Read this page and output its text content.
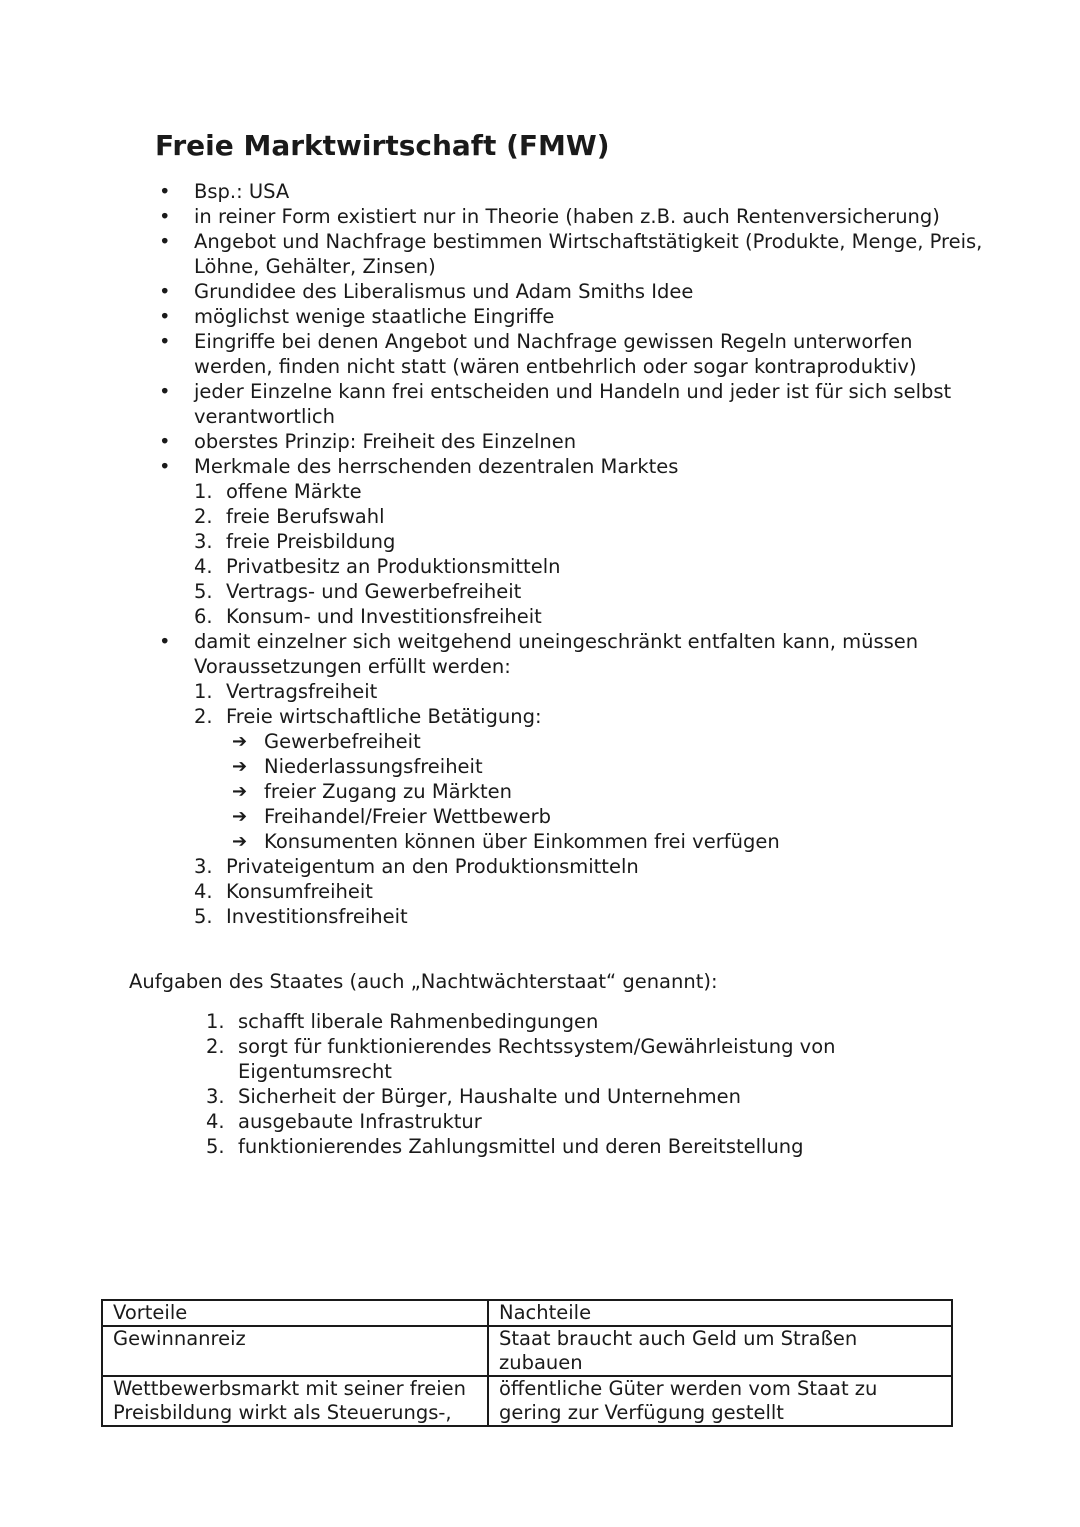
Freie Marktwirtschaft (FMW)
•	Bsp.: USA
•	in reiner Form existiert nur in Theorie (haben z.B. auch Rentenversicherung)
•	Angebot und Nachfrage bestimmen Wirtschaftstätigkeit (Produkte, Menge, Preis, Löhne, Gehälter, Zinsen)
•	Grundidee des Liberalismus und Adam Smiths Idee
•	möglichst wenige staatliche Eingriffe
•	Eingriffe bei denen Angebot und Nachfrage gewissen Regeln unterworfen werden, finden nicht statt (wären entbehrlich oder sogar kontraproduktiv)
•	jeder Einzelne kann frei entscheiden und Handeln und jeder ist für sich selbst verantwortlich
•	oberstes Prinzip: Freiheit des Einzelnen
•	Merkmale des herrschenden dezentralen Marktes
1. offene Märkte
2. freie Berufswahl
3. freie Preisbildung
4. Privatbesitz an Produktionsmitteln
5. Vertrags- und Gewerbefreiheit
6. Konsum- und Investitionsfreiheit
•	damit einzelner sich weitgehend uneingeschränkt entfalten kann, müssen Voraussetzungen erfüllt werden:
1. Vertragsfreiheit
2. Freie wirtschaftliche Betätigung:
➔ Gewerbefreiheit
➔ Niederlassungsfreiheit
➔ freier Zugang zu Märkten
➔ Freihandel/Freier Wettbewerb
➔ Konsumenten können über Einkommen frei verfügen
3. Privateigentum an den Produktionsmitteln
4. Konsumfreiheit
5. Investitionsfreiheit

Aufgaben des Staates (auch „Nachtwächterstaat“ genannt):

1. schafft liberale Rahmenbedingungen
2. sorgt für funktionierendes Rechtssystem/Gewährleistung von Eigentumsrecht
3. Sicherheit der Bürger, Haushalte und Unternehmen
4. ausgebaute Infrastruktur
5. funktionierendes Zahlungsmittel und deren Bereitstellung
Vorteile	Nachteile
Gewinnanreiz	Staat braucht auch Geld um Straßen zubauen
Wettbewerbsmarkt mit seiner freien Preisbildung wirkt als Steuerungs-,	öffentliche Güter werden vom Staat zu gering zur Verfügung gestellt
